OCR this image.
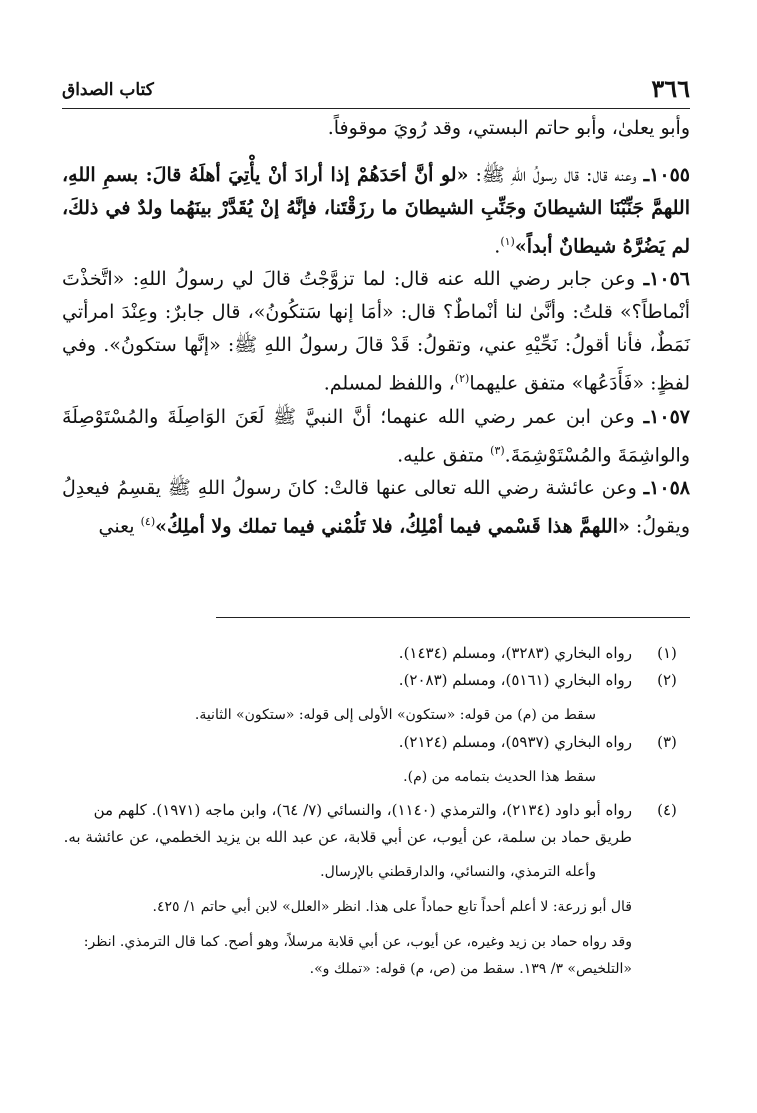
٣٦٦
كتاب الصداق

وأبو يعلىٰ، وأبو حاتم البستي، وقد رُويَ موقوفاً.

١٠٥٥ـ وعنه قال: قال رسولُ اللهِ ﷺ: «لو أنَّ أحَدَهُمْ إذا أرادَ أنْ يأْتِيَ أهلَهُ قالَ: بسمِ اللهِ، اللهمَّ جَنِّبْنَا الشيطانَ وجَنِّبِ الشيطانَ ما رزَقْتَنا، فإنَّهُ إنْ يُقَدَّرْ بينَهُما ولدٌ في ذلكَ، لم يَضُرَّهُ شيطانٌ أبداً»$^{(١)}$.

١٠٥٦ـ وعن جابر رضي الله عنه قال: لما تزوَّجْتُ قالَ لي رسولُ اللهِ: «اتَّخذْتَ أنْماطاً؟» قلتُ: وأنَّىٰ لنا أنْماطٌ؟ قال: «أمَا إنها سَتكُونُ»، قال جابرٌ: وعِنْدَ امرأتي نَمَطٌ، فأنا أقولُ: نَحِّيْهِ عني، وتقولُ: قَدْ قالَ رسولُ اللهِ ﷺ: «إنَّها ستكونُ». وفي لفظٍ: «فَأَدَعُها» متفق عليهما$^{(٢)}$، واللفظ لمسلم.

١٠٥٧ـ وعن ابن عمر رضي الله عنهما؛ أنَّ النبيَّ ﷺ لَعَنَ الوَاصِلَةَ والمُسْتَوْصِلَةَ والواشِمَةَ والمُسْتَوْشِمَةَ.$^{(٣)}$ متفق عليه.

١٠٥٨ـ وعن عائشة رضي الله تعالى عنها قالتْ: كانَ رسولُ اللهِ ﷺ يقسِمُ فيعدِلُ ويقولُ: «اللهمَّ هذا قَسْمي فيما أمْلِكُ، فلا تَلُمْني فيما تملك ولا أملِكُ»$^{(٤)}$ يعني

(١)
رواه البخاري (٣٢٨٣)، ومسلم (١٤٣٤).
(٢)
رواه البخاري (٥١٦١)، ومسلم (٢٠٨٣).
سقط من (م) من قوله: «ستكون» الأولى إلى قوله: «ستكون» الثانية.
(٣)
رواه البخاري (٥٩٣٧)، ومسلم (٢١٢٤).
سقط هذا الحديث بتمامه من (م).
(٤)
رواه أبو داود (٢١٣٤)، والترمذي (١١٤٠)، والنسائي (٧/ ٦٤)، وابن ماجه (١٩٧١). كلهم من طريق حماد بن سلمة، عن أيوب، عن أبي قلابة، عن عبد الله بن يزيد الخطمي، عن عائشة به.
وأعله الترمذي، والنسائي، والدارقطني بالإرسال.
قال أبو زرعة: لا أعلم أحداً تابع حماداً على هذا. انظر «العلل» لابن أبي حاتم ١/ ٤٢٥.
وقد رواه حماد بن زيد وغيره، عن أيوب، عن أبي قلابة مرسلاً، وهو أصح. كما قال الترمذي. انظر: «التلخيص» ٣/ ١٣٩. سقط من (ص، م) قوله: «تملك و».
